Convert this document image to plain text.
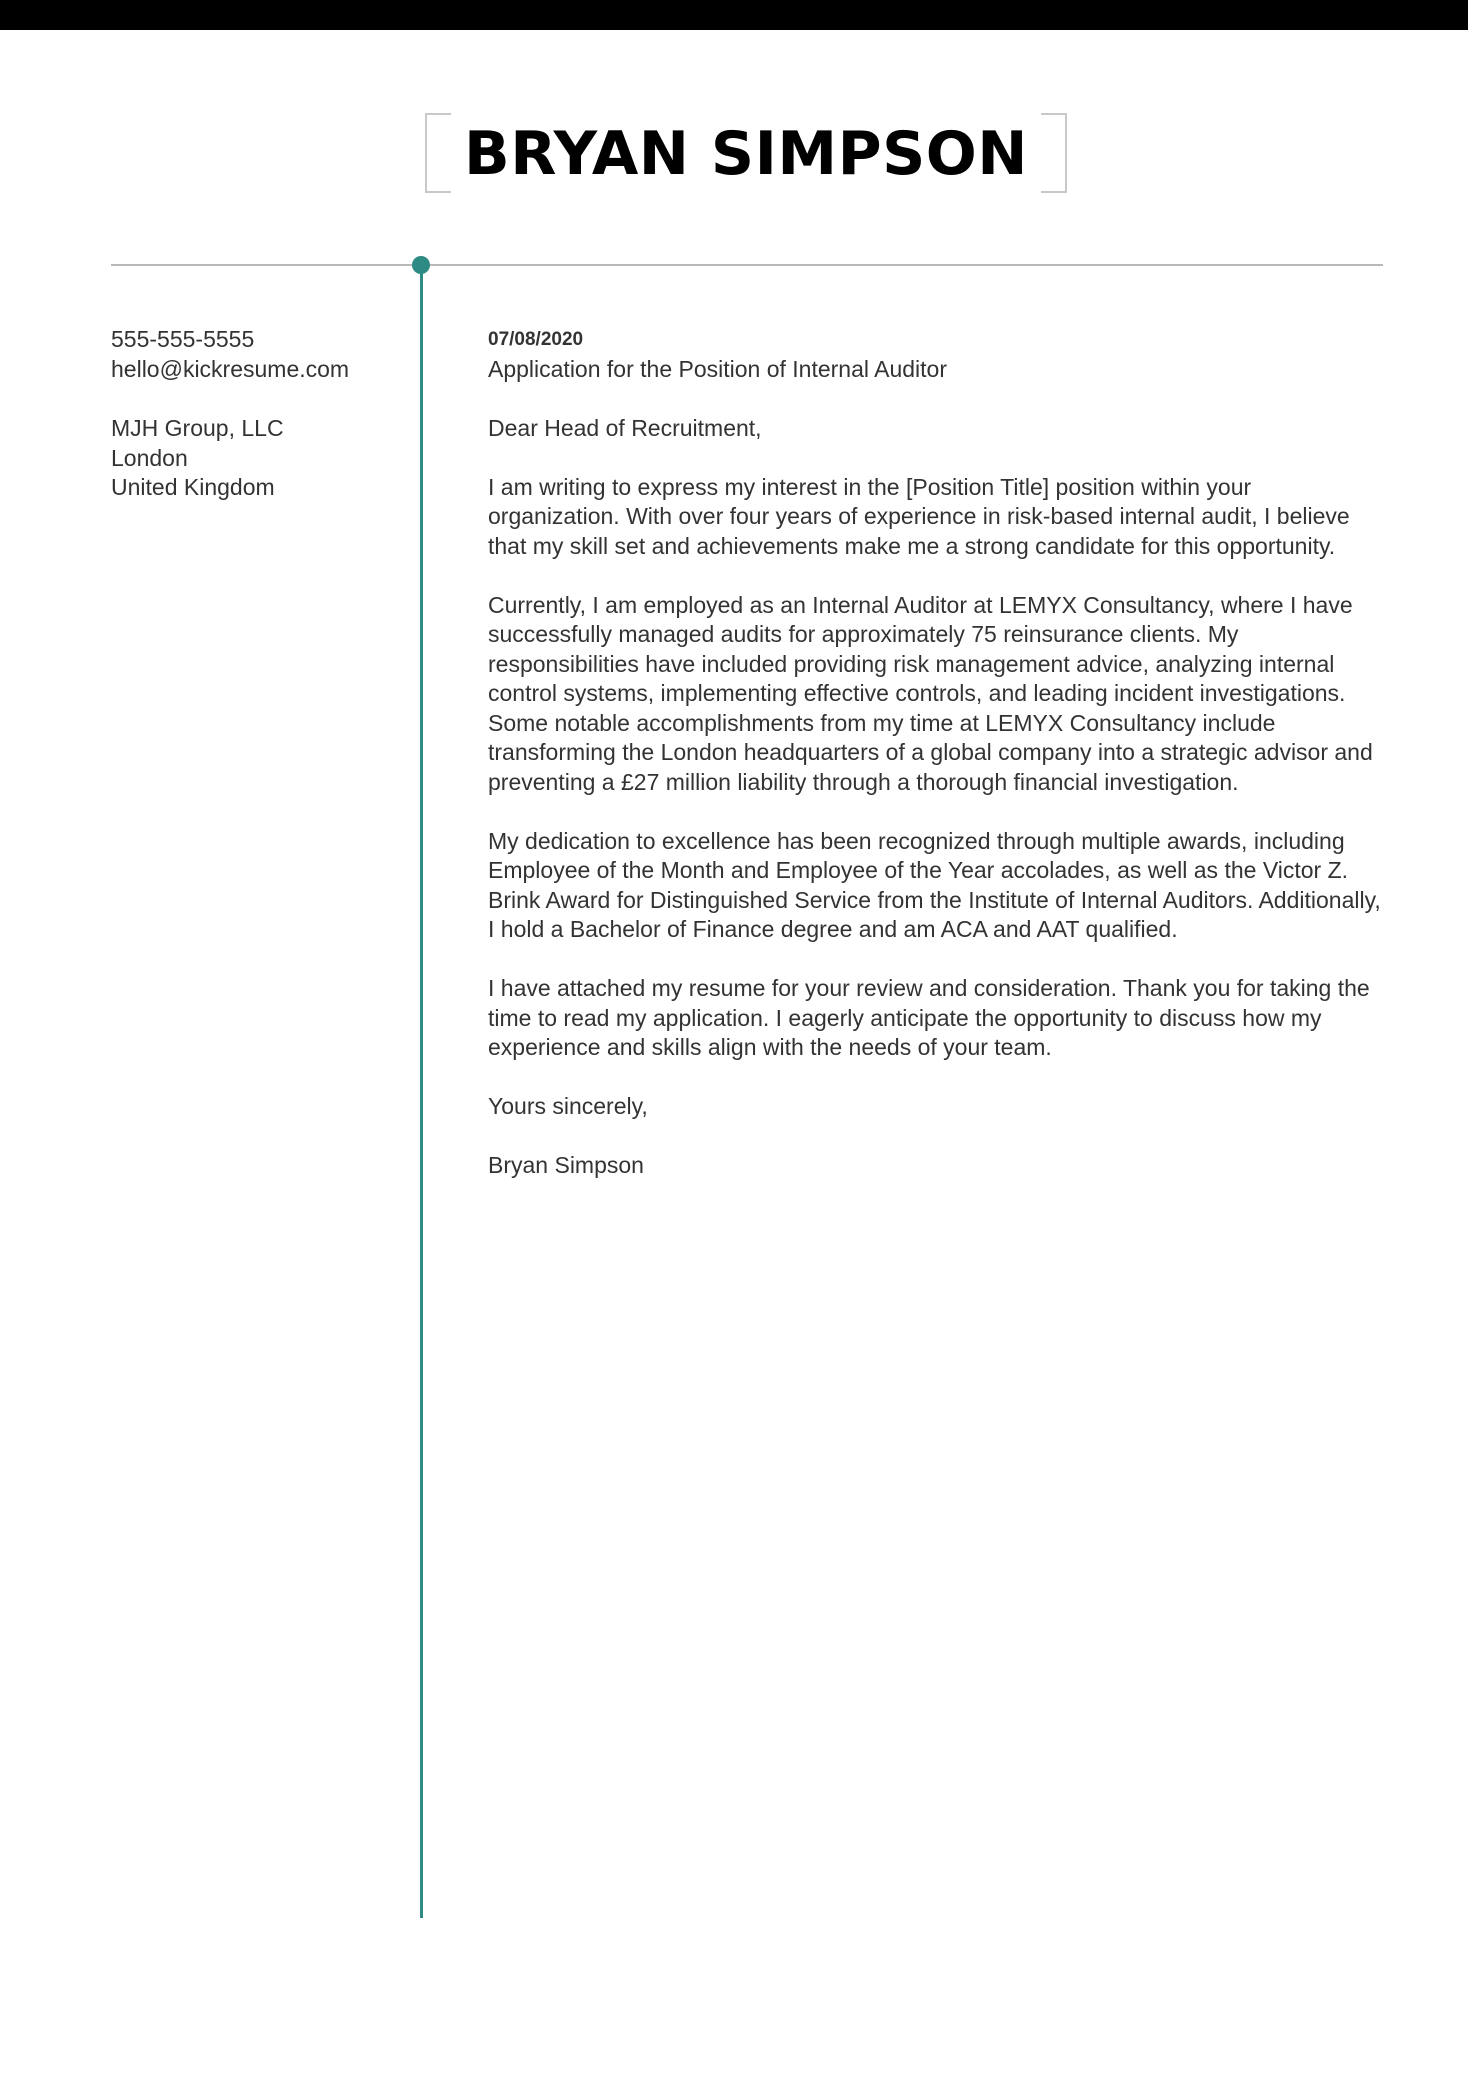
BRYAN SIMPSON
555-555-5555
hello@kickresume.com
MJH Group, LLC
London
United Kingdom
07/08/2020
Application for the Position of Internal Auditor

Dear Head of Recruitment,

I am writing to express my interest in the [Position Title] position within your organization. With over four years of experience in risk-based internal audit, I believe that my skill set and achievements make me a strong candidate for this opportunity.

Currently, I am employed as an Internal Auditor at LEMYX Consultancy, where I have successfully managed audits for approximately 75 reinsurance clients. My responsibilities have included providing risk management advice, analyzing internal control systems, implementing effective controls, and leading incident investigations. Some notable accomplishments from my time at LEMYX Consultancy include transforming the London headquarters of a global company into a strategic advisor and preventing a £27 million liability through a thorough financial investigation.

My dedication to excellence has been recognized through multiple awards, including Employee of the Month and Employee of the Year accolades, as well as the Victor Z. Brink Award for Distinguished Service from the Institute of Internal Auditors. Additionally, I hold a Bachelor of Finance degree and am ACA and AAT qualified.

I have attached my resume for your review and consideration. Thank you for taking the time to read my application. I eagerly anticipate the opportunity to discuss how my experience and skills align with the needs of your team.

Yours sincerely,

Bryan Simpson
